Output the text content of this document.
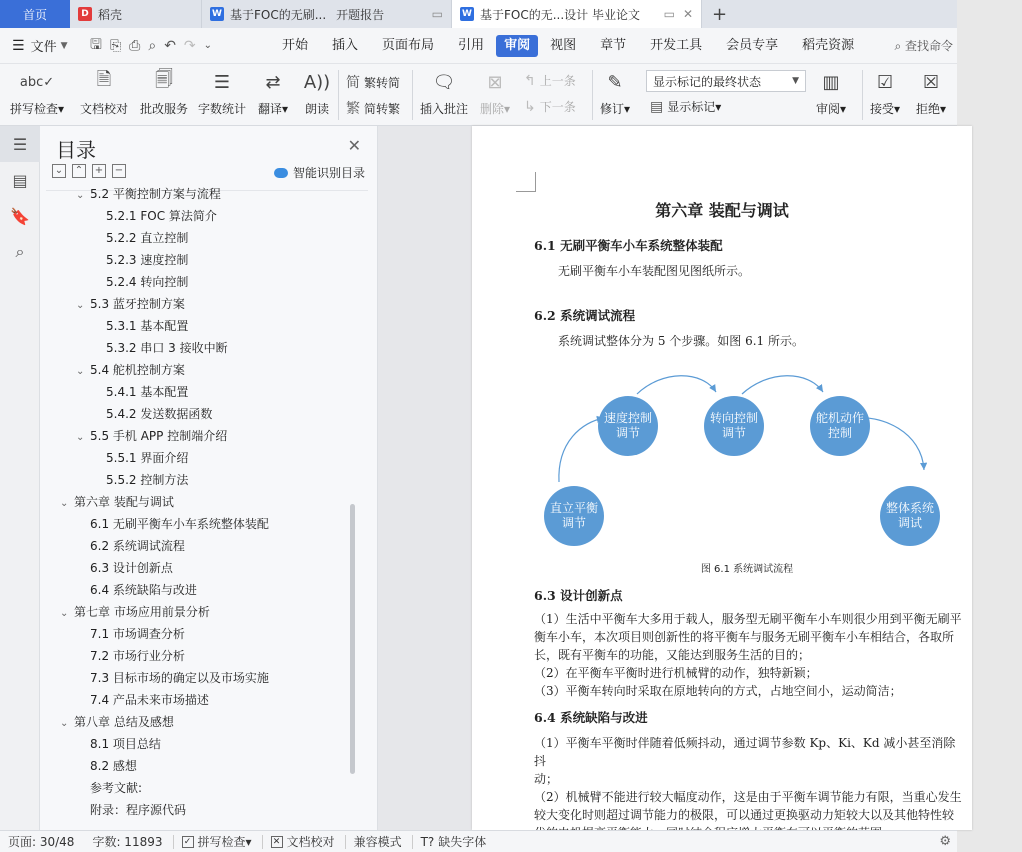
首页	D 稻壳	W 基于FOC的无刷... 开题报告	▭ W 基于FOC的无...设计 毕业论文 ▭ ✕	+
☰ 文件 ▼ 🖫 ⎘ ⎙ ⌕ ↶ ↷ ⌄	开始	插入	页面布局	引用	审阅	视图	章节	开发工具	会员专享	稻壳资源	⌕ 查找命令
abc✓
拼写检查▾
🗎
文档校对
🗐
批改服务
☰
字数统计
⇄
翻译▾
A))
朗读
简 繁转简
繁 简转繁
🗨
插入批注
⊠
删除▾
↰ 上一条
↳ 下一条
✎
修订▾
显示标记的最终状态	▼
▤ 显示标记 ▾
▥
审阅▾
☑
接受▾
☒
拒绝▾
☰
▤
🔖
⌕
目录	✕
⌄ ⌃ + −	智能识别目录
⌄ 5.2 平衡控制方案与流程
5.2.1 FOC 算法简介
5.2.2 直立控制
5.2.3 速度控制
5.2.4 转向控制
⌄ 5.3 蓝牙控制方案
5.3.1 基本配置
5.3.2 串口 3 接收中断
⌄ 5.4 舵机控制方案
5.4.1 基本配置
5.4.2 发送数据函数
⌄ 5.5 手机 APP 控制端介绍
5.5.1 界面介绍
5.5.2 控制方法
⌄ 第六章 装配与调试
6.1 无刷平衡车小车系统整体装配
6.2 系统调试流程
6.3 设计创新点
6.4 系统缺陷与改进
⌄ 第七章 市场应用前景分析
7.1 市场调查分析
7.2 市场行业分析
7.3 目标市场的确定以及市场实施
7.4 产品未来市场描述
⌄ 第八章 总结及感想
8.1 项目总结
8.2 感想
参考文献:
附录：程序源代码
第六章 装配与调试
6.1 无刷平衡车小车系统整体装配
无刷平衡车小车装配图见图纸所示。
6.2 系统调试流程
系统调试整体分为 5 个步骤。如图 6.1 所示。
直立平衡
调节
速度控制
调节
转向控制
调节
舵机动作
控制
整体系统
调试
图 6.1 系统调试流程
6.3 设计创新点
（1）生活中平衡车大多用于载人，服务型无刷平衡车小车则很少用到平衡无刷平
衡车小车，本次项目则创新性的将平衡车与服务无刷平衡车小车相结合，各取所
长，既有平衡车的功能，又能达到服务生活的目的；
（2）在平衡车平衡时进行机械臂的动作，独特新颖；
（3）平衡车转向时采取在原地转向的方式，占地空间小，运动简洁；
6.4 系统缺陷与改进
（1）平衡车平衡时伴随着低频抖动，通过调节参数 Kp、Ki、Kd 减小甚至消除抖
动；
（2）机械臂不能进行较大幅度动作，这是由于平衡车调节能力有限，当重心发生
较大变化时则超过调节能力的极限，可以通过更换驱动力矩较大以及其他特性较
页面: 30/48 字数: 11893 ✓ 拼写检查 ▾ ✕ 文档校对 兼容模式 T? 缺失字体	⚙
